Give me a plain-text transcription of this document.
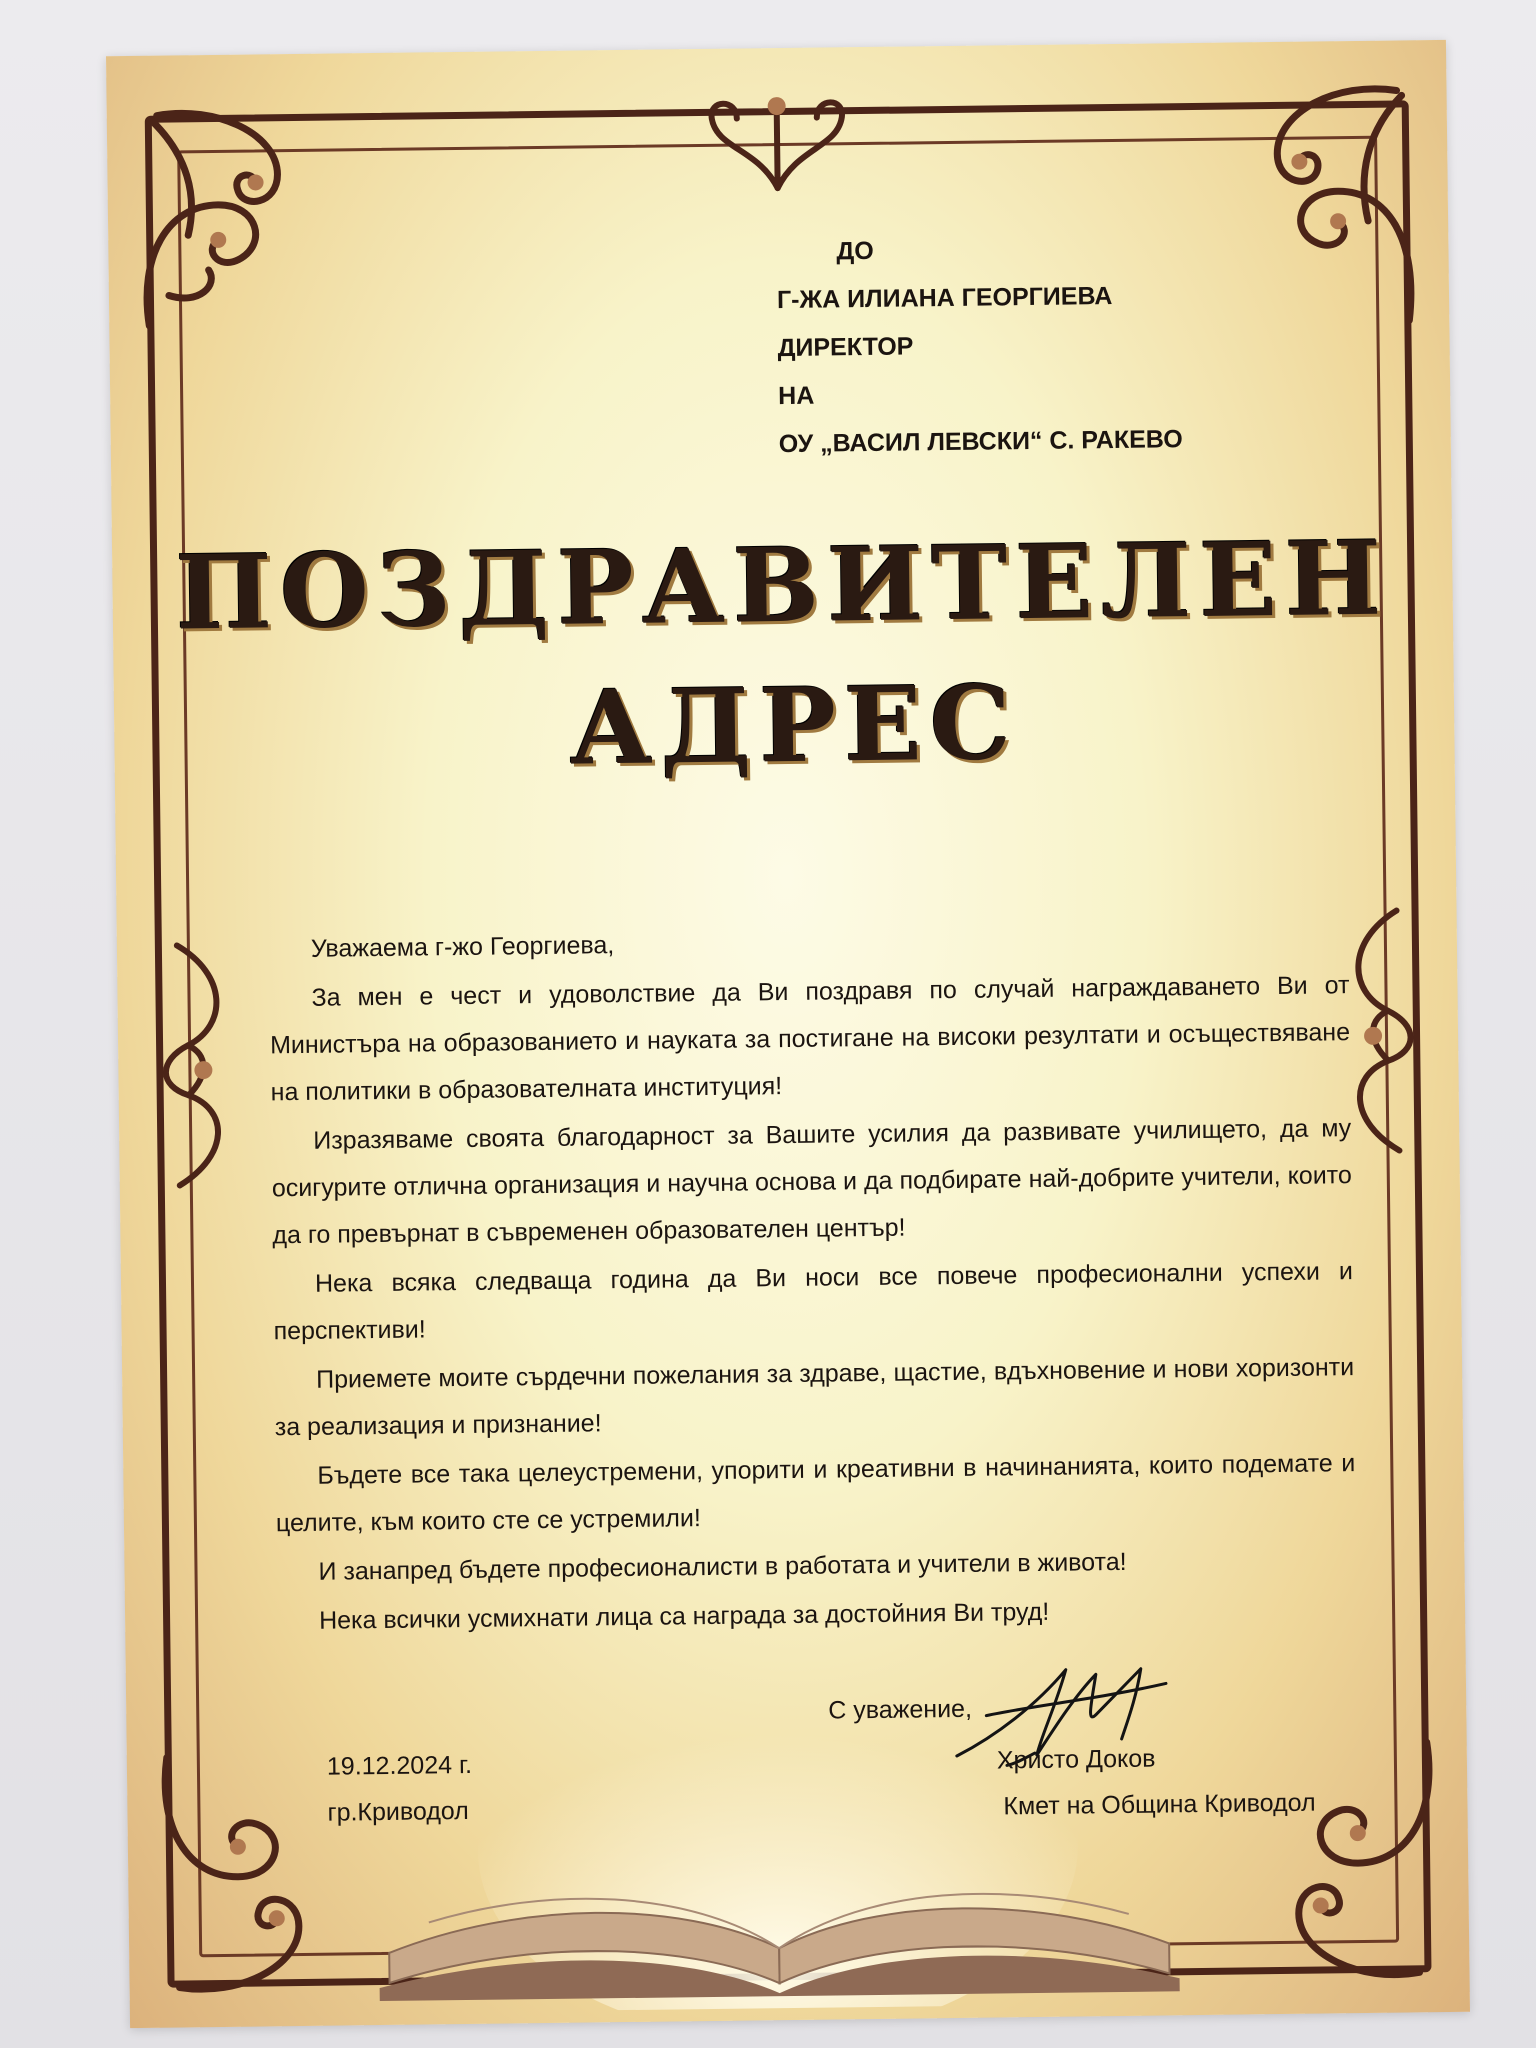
ДО
Г-ЖА ИЛИАНА ГЕОРГИЕВА
ДИРЕКТОР
НА
ОУ „ВАСИЛ ЛЕВСКИ“ С. РАКЕВО
ПОЗДРАВИТЕЛЕН
АДРЕС

Уважаема г-жо Георгиева,

За мен е чест и удоволствие да Ви поздравя по случай награждаването Ви от Министъра на образованието и науката за постигане на високи резултати и осъществяване на политики в образователната институция!

Изразяваме своята благодарност за Вашите усилия да развивате училището, да му осигурите отлична организация и научна основа и да подбирате най-добрите учители, които да го превърнат в съвременен образователен център!

Нека всяка следваща година да Ви носи все повече професионални успехи и перспективи!

Приемете моите сърдечни пожелания за здраве, щастие, вдъхновение и нови хоризонти за реализация и признание!

Бъдете все така целеустремени, упорити и креативни в начинанията, които подемате и целите, към които сте се устремили!

И занапред бъдете професионалисти в работата и учители в живота!

Нека всички усмихнати лица са награда за достойния Ви труд!

19.12.2024 г.
гр.Криводол
С уважение,
Христо Доков
Кмет на Община Криводол
